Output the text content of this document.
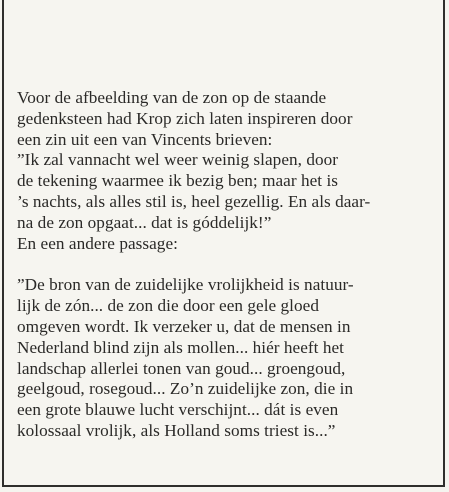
Voor de afbeelding van de zon op de staande
gedenksteen had Krop zich laten inspireren door
een zin uit een van Vincents brieven:
”Ik zal vannacht wel weer weinig slapen, door
de tekening waarmee ik bezig ben; maar het is
’s nachts, als alles stil is, heel gezellig. En als daar-
na de zon opgaat... dat is góddelijk!”
En een andere passage:
”De bron van de zuidelijke vrolijkheid is natuur-
lijk de zón... de zon die door een gele gloed
omgeven wordt. Ik verzeker u, dat de mensen in
Nederland blind zijn als mollen... hiér heeft het
landschap allerlei tonen van goud... groengoud,
geelgoud, rosegoud... Zo’n zuidelijke zon, die in
een grote blauwe lucht verschijnt... dát is even
kolossaal vrolijk, als Holland soms triest is...”
